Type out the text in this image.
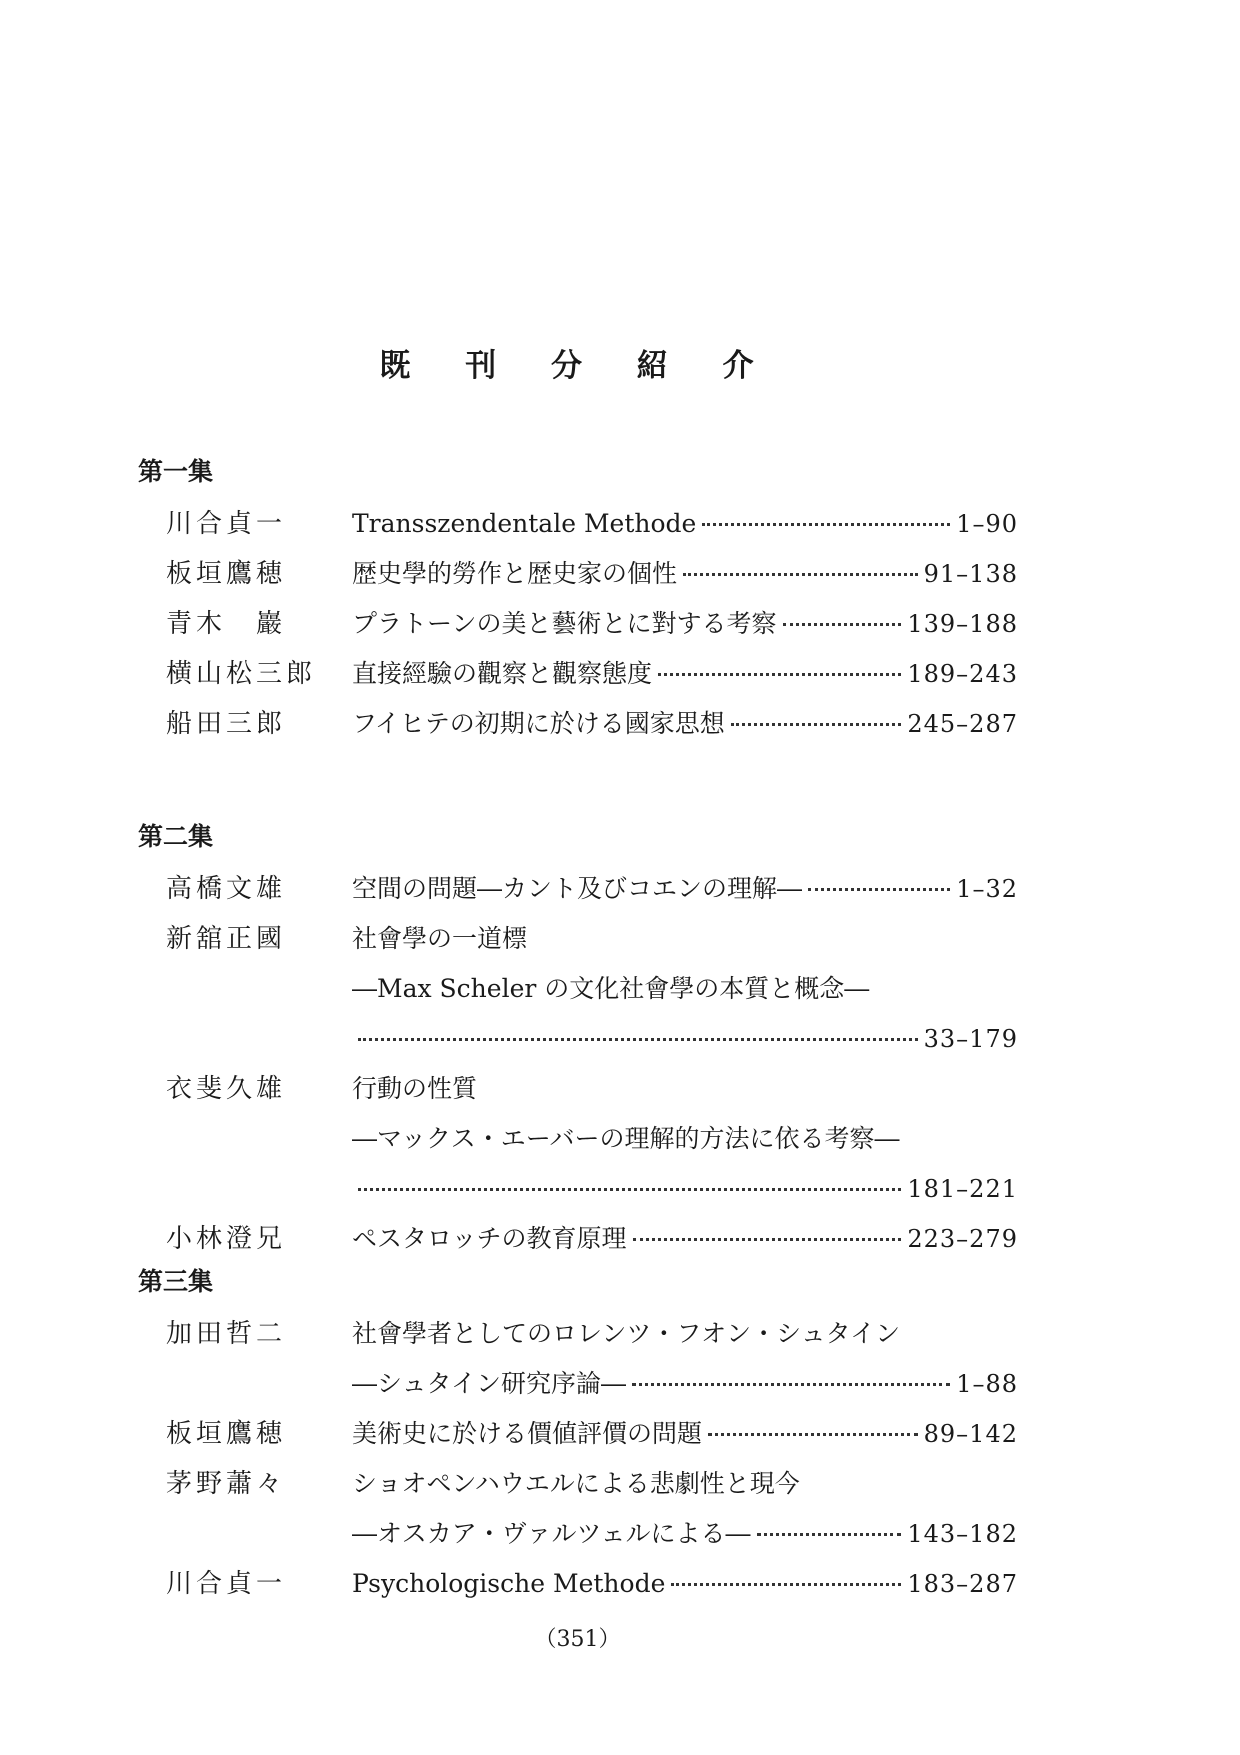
既 刊 分 紹 介
第一集
川合貞一	Transszendentale Methode	1–90
板垣鷹穂	歴史學的勞作と歴史家の個性	91–138
青木　巖	プラトーンの美と藝術とに對する考察	139–188
横山松三郎 直接經驗の觀察と觀察態度	189–243
船田三郎	フイヒテの初期に於ける國家思想	245–287
第二集
高橋文雄	空間の問題―カント及びコエンの理解―	1–32
新舘正國	社會學の一道標
―Max Scheler の文化社會學の本質と概念―
33–179
衣斐久雄	行動の性質
―マックス・エーバーの理解的方法に依る考察―
181–221
小林澄兄	ペスタロッチの教育原理	223–279
第三集
加田哲二	社會學者としてのロレンツ・フオン・シュタイン
―シュタイン研究序論―	1–88
板垣鷹穂	美術史に於ける價値評價の問題	89–142
茅野蕭々	ショオペンハウエルによる悲劇性と現今
―オスカア・ヴァルツェルによる―	143–182
川合貞一	Psychologische Methode	183–287
（351）
